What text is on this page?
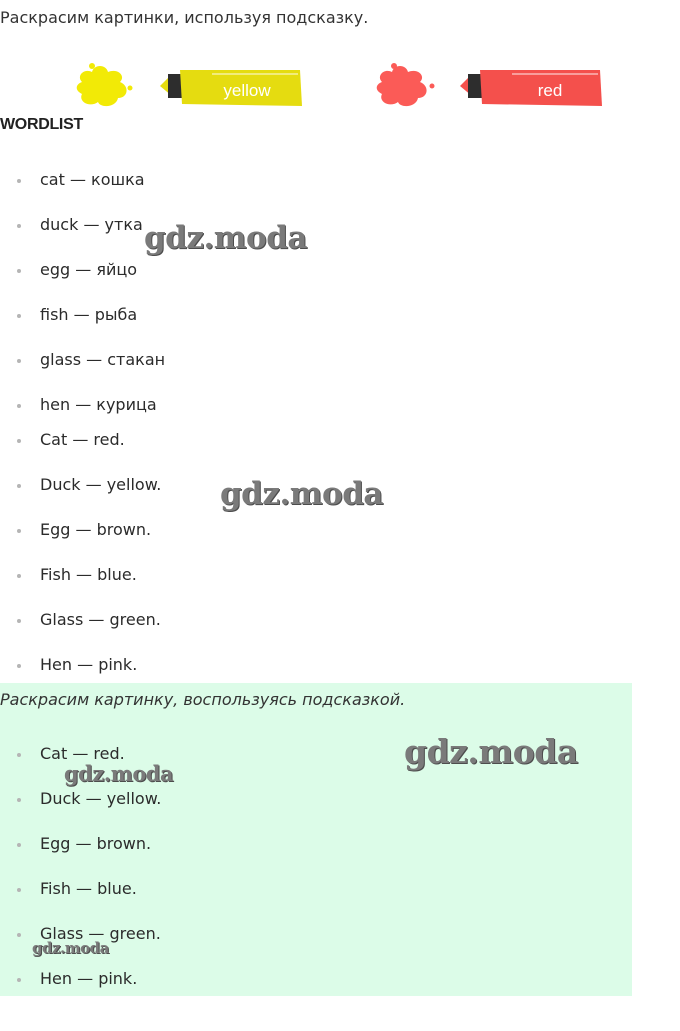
Раскрасим картинки, используя подсказку.

yellow	red
WORDLIST
cat — кошка
duck — утка
egg — яйцо
fish — рыба
glass — стакан
hen — курица
Cat — red.
Duck — yellow.
Egg — brown.
Fish — blue.
Glass — green.
Hen — pink.

Раскрасим картинку, воспользуясь подсказкой.

Cat — red.
Duck — yellow.
Egg — brown.
Fish — blue.
Glass — green.
Hen — pink.
gdz.moda
gdz.moda
gdz.moda
gdz.moda
gdz.moda
